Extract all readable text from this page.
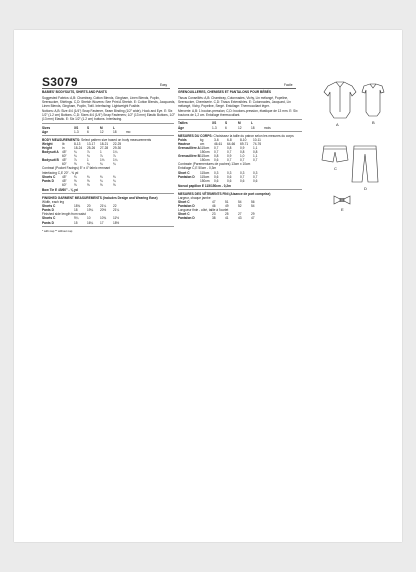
S3079	Easy	Facile
BABIES' BODYSUITS, SHIRTS AND PANTS	GRENOUILLERES, CHEMISES ET PANTALONS POUR BÉBÉS
Suggested Fabrics: A,B: Chambray, Cotton Blends, Gingham, Linen Blends, Poplin, Seersucker, Shirtings. C,D: Stretch Wovens: See Print A Stretch. E: Cotton Blends, Jacquards, Linen Blends, Gingham, Poplin, Twill. Interfacing: Lightweight Fusible.
Notions: A,B: Size 4/4 (1/4”) Snap Fastener, Seam Binding (1/2” wide), Hook and Eye. E: Six 1/2” (1.2 cm) Buttons. C,D: Sizes 4/4 (1/4”) Snap Fasteners; 1/2” (13 mm) Elastic Buttons, 1/2” (13 mm) Elastic. E: Six 1/2” (1.2 cm) buttons. Interfacing.
Sizes	XS	S	M	L
Age	1-3	6	12	18	mo
BODY MEASUREMENTS: Select pattern size based on body measurements
Weight	lb	8-13	13-17	18-21	22-25
Height	in	18-24	25-26	27-28	29-30
Bodysuit A	45”	¾	⅞	1	1¼
60”	¾	¾	⅞	⅞
Bodysuit B 45”	⅞	1	1⅛	1¼
60”	⅝	¾	¾	¾
Contrast (Pocket Facings) 5” x 4” fabric remnant
Interfacing C,E 20” - ⅜ yd
Shorts C	45”	⅜	⅜	⅜	⅜
Pants D	45”	⅝	⅝	¾	¾
60”	⅝	⅝	⅝	⅝
Bow Tie E 45/60” - ⅛ yd
FINISHED GARMENT MEASUREMENTS (Includes Design and Wearing Ease)
Width, each leg
Shorts C	18¾	20	21¼	22
Pants D	18	19¼	20½	21¼
Finished side length from waist
Shorts C	9¼	10	10¾	11½
Pants D	15	16¼	17	18½
* with nap ** without nap
Tissus Conseillés: A,B: Chambray, Cotonnades, Vichy, Lin mélangé, Popeline, Seersucker, Chemiserie. C,D: Tissus Extensibles. E: Cotonnades, Jacquard, Lin mélangé, Vichy, Popeline, Sergé. Entoilage: Thermocollant léger.
Mercerie: A,B: 1 bouton-pression; C,D: boutons-pression, élastique de 13 mm. E: Six boutons de 1,2 cm. Entoilage thermocollant.
Tailles	XS	S	M	L
Âge	1-3	6	12	18	mois
MESURES DU CORPS: Choisissez la taille du patron selon les mesures du corps
Poids	kg	3-6	6-8	8-10	10-11
Hauteur	cm	46-61	64-66	69-71	74-76
Grenouillère A 115cm	0,7	0,8	0,9	1,1
150cm	0,7	0,7	0,8	0,8
Grenouillère B 115cm	0,8	0,9	1,0	1,1
150cm	0,6	0,7	0,7	0,7
Contraste (Parementures de poches) 13cm x 10cm
Entoilage C,E 50cm - 0,3m
Short C	115cm	0,3	0,3	0,3	0,3
Pantalon D	115cm	0,6	0,6	0,7	0,7
150cm	0,6	0,6	0,6	0,6
Noeud papillon E 115/150cm - 0,2m
MESURES DES VÊTEMENTS FINI (Aisance de port comprise)
Largeur, chaque jambe
Short C	47	51	54	56
Pantalon D	46	49	52	54
Longueur finie - côté, taille à l'ourlet
Short C	23	25	27	29
Pantalon D	38	41	43	47
A	B
C
D
E
